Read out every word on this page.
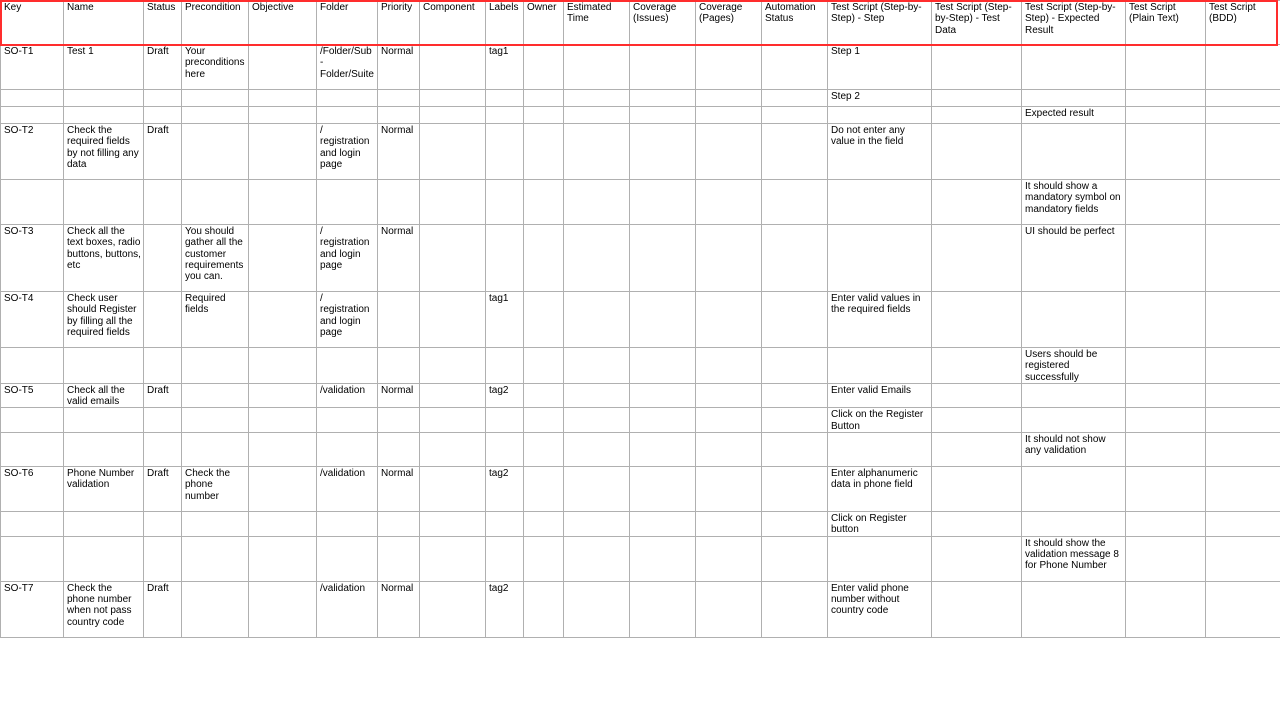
Key	Name	Status	Precondition	Objective	Folder	Priority	Component	Labels	Owner	Estimated Time	Coverage (Issues)	Coverage (Pages)	Automation Status	Test Script (Step-by-Step) - Step	Test Script (Step-by-Step) - Test Data	Test Script (Step-by-Step) - Expected Result	Test Script (Plain Text)	Test Script (BDD)
SO-T1	Test 1	Draft	Your preconditions here		/Folder/Sub-Folder/Suite	Normal		tag1						Step 1				
														Step 2				
																Expected result		
SO-T2	Check the required fields by not filling any data	Draft			/ registration and login page	Normal								Do not enter any value in the field				
																It should show a mandatory symbol on mandatory fields		
SO-T3	Check all the text boxes, radio buttons, buttons, etc		You should gather all the customer requirements you can.		/ registration and login page	Normal										UI should be perfect		
SO-T4	Check user should Register by filling all the required fields		Required fields		/ registration and login page			tag1						Enter valid values in the required fields				
																Users should be registered successfully		
SO-T5	Check all the valid emails	Draft			/validation	Normal		tag2						Enter valid Emails				
														Click on the Register Button				
																It should not show any validation		
SO-T6	Phone Number validation	Draft	Check the phone number		/validation	Normal		tag2						Enter alphanumeric data in phone field				
														Click on Register button				
																It should show the validation message 8 for Phone Number		
SO-T7	Check the phone number when not pass country code	Draft			/validation	Normal		tag2						Enter valid phone number without country code				
